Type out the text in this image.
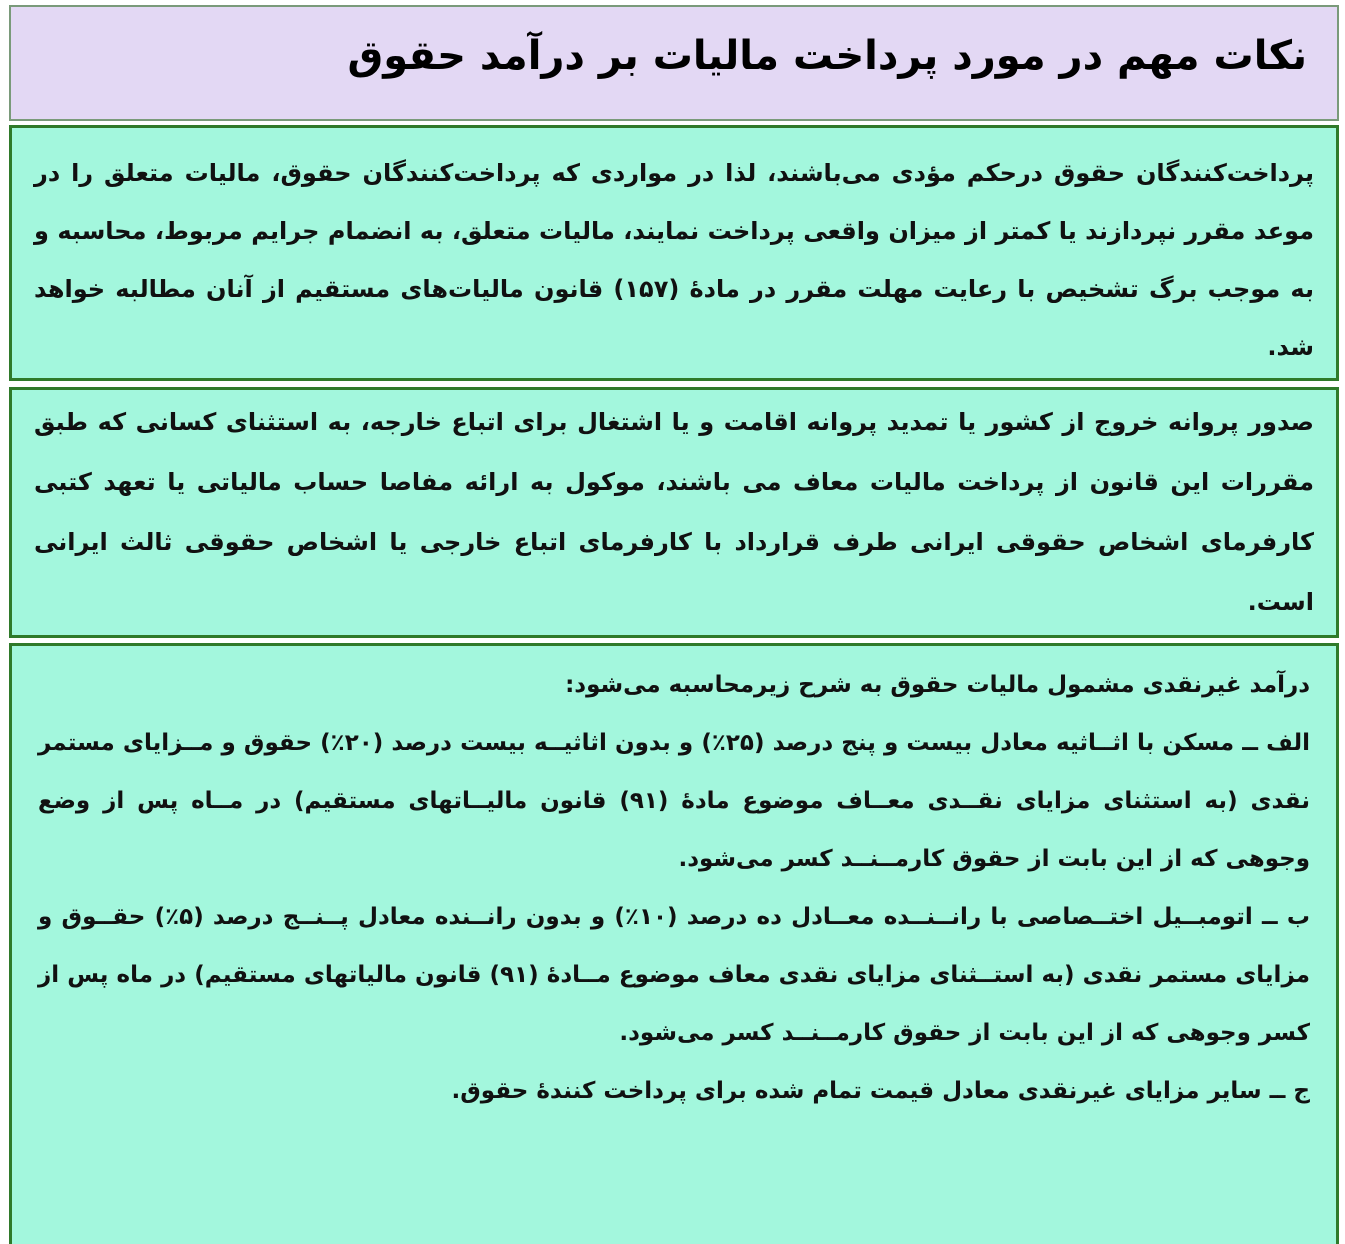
نکات مهم در مورد پرداخت مالیات بر درآمد حقوق

پرداخت‌کنندگان حقوق درحکم مؤدی می‌باشند، لذا در مواردی که پرداخت‌کنندگان حقوق، مالیات متعلق را در موعد مقرر نپردازند یا کمتر از میزان واقعی پرداخت نمایند، مالیات متعلق، به انضمام جرایم مربوط، محاسبه و به موجب برگ تشخیص با رعایت مهلت مقرر در مادۀ (۱۵۷) قانون مالیات‌های مستقیم از آنان مطالبه خواهد شد.

صدور پروانه خروج از کشور یا تمدید پروانه اقامت و یا اشتغال برای اتباع خارجه، به استثنای کسانی که طبق مقررات این قانون از پرداخت مالیات معاف می باشند، موکول به ارائه مفاصا حساب مالیاتی یا تعهد کتبی کارفرمای اشخاص حقوقی ایرانی طرف قرارداد با کارفرمای اتباع خارجی یا اشخاص حقوقی ثالث ایرانی است.

درآمد غیرنقدی مشمول مالیات حقوق به شرح زیرمحاسبه می‌شود:

الف ــ مسکن با اثــاثیه معادل بیست و پنج درصد (۲۵٪) و بدون اثاثیــه بیست درصد (۲۰٪) حقوق و مــزایای مستمر نقدی (به استثنای مزایای نقــدی معــاف موضوع مادۀ (۹۱) قانون مالیــاتهای مستقیم) در مــاه پس از وضع وجوهی که از این بابت از حقوق کارمــنــد کسر می‌شود.

ب ــ اتومبــیل اختــصاصی با رانــنــده معــادل ده درصد (۱۰٪) و بدون رانــنده معادل پــنــج درصد (۵٪) حقــوق و مزایای مستمر نقدی (به استــثنای مزایای نقدی معاف موضوع مــادۀ (۹۱) قانون مالیاتهای مستقیم) در ماه پس از کسر وجوهی که از این بابت از حقوق کارمــنــد کسر می‌شود.

ج ــ سایر مزایای غیرنقدی معادل قیمت تمام شده برای پرداخت کنندۀ حقوق.
